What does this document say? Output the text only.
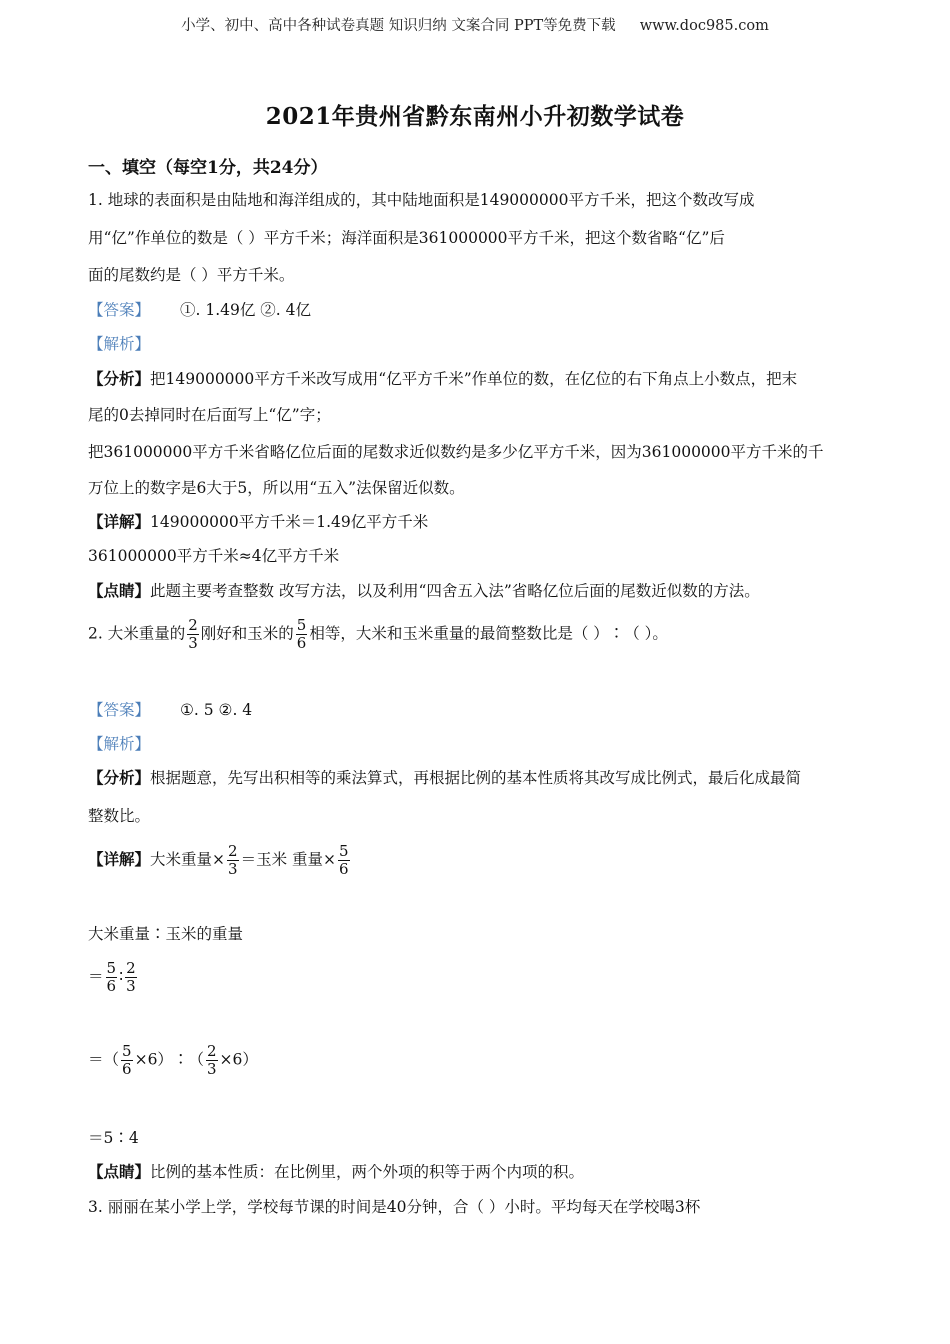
小学、初中、高中各种试卷真题 知识归纳 文案合同 PPT等免费下载 www.doc985.com
2021年贵州省黔东南州小升初数学试卷
一、填空（每空1分，共24分）
1. 地球的表面积是由陆地和海洋组成的，其中陆地面积是149000000平方千米，把这个数改写成
用“亿”作单位的数是（ ）平方千米；海洋面积是361000000平方千米，把这个数省略“亿”后
面的尾数约是（ ）平方千米。
【答案】 ①. 1.49亿 ②. 4亿
【解析】
【分析】把149000000平方千米改写成用“亿平方千米”作单位的数，在亿位的右下角点上小数点，把末
尾的0去掉同时在后面写上“亿”字；
把361000000平方千米省略亿位后面的尾数求近似数约是多少亿平方千米，因为361000000平方千米的千
万位上的数字是6大于5，所以用“五入”法保留近似数。
【详解】149000000平方千米＝1.49亿平方千米
361000000平方千米≈4亿平方千米
【点睛】此题主要考查整数 改写方法，以及利用“四舍五入法”省略亿位后面的尾数近似数的方法。
2. 大米重量的 $\frac{2}{3}$ 刚好和玉米的 $\frac{5}{6}$ 相等，大米和玉米重量的最简整数比是（ ）∶（ ）。
【答案】 ①. 5 ②. 4
【解析】
【分析】根据题意，先写出积相等的乘法算式，再根据比例的基本性质将其改写成比例式，最后化成最简
整数比。
【详解】大米重量× $\frac{2}{3}$ ＝玉米 重量× $\frac{5}{6}$
大米重量∶玉米的重量
＝ $\frac{5}{6}$ ∶ $\frac{2}{3}$
＝（ $\frac{5}{6}$ ×6）∶（ $\frac{2}{3} \times 6$）
＝5∶4
【点睛】比例的基本性质：在比例里，两个外项的积等于两个内项的积。
3. 丽丽在某小学上学，学校每节课的时间是40分钟，合（ ）小时。平均每天在学校喝3杯
